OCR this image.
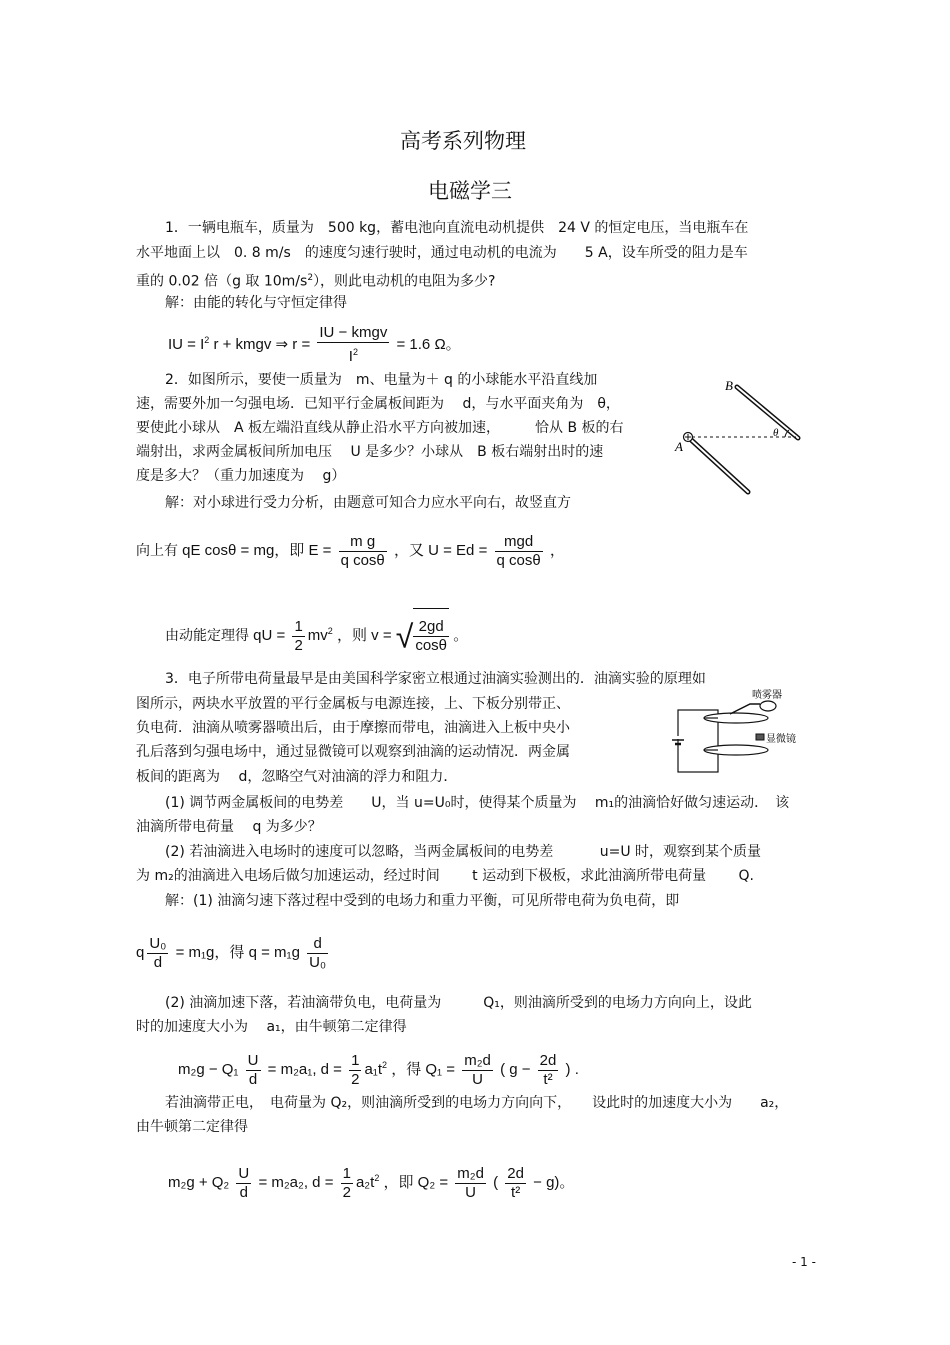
高考系列物理
电磁学三
1．一辆电瓶车，质量为　500 kg，蓄电池向直流电动机提供　24 V 的恒定电压，当电瓶车在
水平地面上以　0. 8 m/s　的速度匀速行驶时，通过电动机的电流为　　5 A，设车所受的阻力是车
重的 0.02 倍（g 取 $10m/s^2$），则此电动机的电阻为多少?
解：由能的转化与守恒定律得
IU = $I^2$ r + kmgv ⇒ $r = \frac{\text{IU − kmgv}}{I^2} = 1.6$ Ω。
2．如图所示，要使一质量为　m、电量为＋ q 的小球能水平沿直线加
速，需要外加一匀强电场．已知平行金属板间距为　 d，与水平面夹角为　θ，
要使此小球从　A 板左端沿直线从静止沿水平方向被加速，　　　恰从 B 板的右
端射出，求两金属板间所加电压　 U 是多少？小球从　B 板右端射出时的速
度是多大？（重力加速度为　 g）
解：对小球进行受力分析，由题意可知合力应水平向右，故竖直方
B
A
θ
向上有 qE cosθ = mg，即 $E = \frac{\text{m g}}{\text{q cosθ}}$ ，又 $U = Ed = \frac{\text{mgd}}{\text{q cosθ}}$ ，
由动能定理得 qU = $\frac{1}{2} mv^2$ ，则 v = √ $\frac{2gd}{\cos\theta}$ 。
3．电子所带电荷量最早是由美国科学家密立根通过油滴实验测出的．油滴实验的原理如
图所示，两块水平放置的平行金属板与电源连接，上、下板分别带正、
负电荷．油滴从喷雾器喷出后，由于摩擦而带电，油滴进入上板中央小
孔后落到匀强电场中，通过显微镜可以观察到油滴的运动情况．两金属
板间的距离为　 d，忽略空气对油滴的浮力和阻力．
喷雾器
显微镜
(1) 调节两金属板间的电势差　　U，当 u=U₀时，使得某个质量为　 m₁的油滴恰好做匀速运动．　该
油滴所带电荷量　 q 为多少？
(2) 若油滴进入电场时的速度可以忽略，当两金属板间的电势差　　　 u=U 时，观察到某个质量
为 m₂的油滴进入电场后做匀加速运动，经过时间　　 t 运动到下极板，求此油滴所带电荷量　　 Q.
解：(1) 油滴匀速下落过程中受到的电场力和重力平衡，可见所带电荷为负电荷，即
q $\frac{\text{U₀}}{d} = m_1g$，得 $q = m_1g \frac{d}{\text{U₀}}$
(2) 油滴加速下落，若油滴带负电，电荷量为　　　Q₁，则油滴所受到的电场力方向向上，设此
时的加速度大小为　 a₁，由牛顿第二定律得
$m_2g - Q_1 \frac{U}{d} = m_2a_1$, $d = \frac{1}{2} a_1t^2$ ，得 $Q_1 = \frac{\text{m₂d}}{U}$ ( $g - \frac{2d}{\text{t²}}$ ) .
若油滴带正电，　电荷量为 Q₂，则油滴所受到的电场力方向向下，　　设此时的加速度大小为　　a₂，
由牛顿第二定律得
$m_2g + Q_2 \frac{U}{d} = m_2a_2$, $d = \frac{1}{2} a_2t^2$ ，即 $Q_2 = \frac{\text{m₂d}}{U}$ ( $\frac{2d}{\text{t²}} - g$)。
- 1 -
